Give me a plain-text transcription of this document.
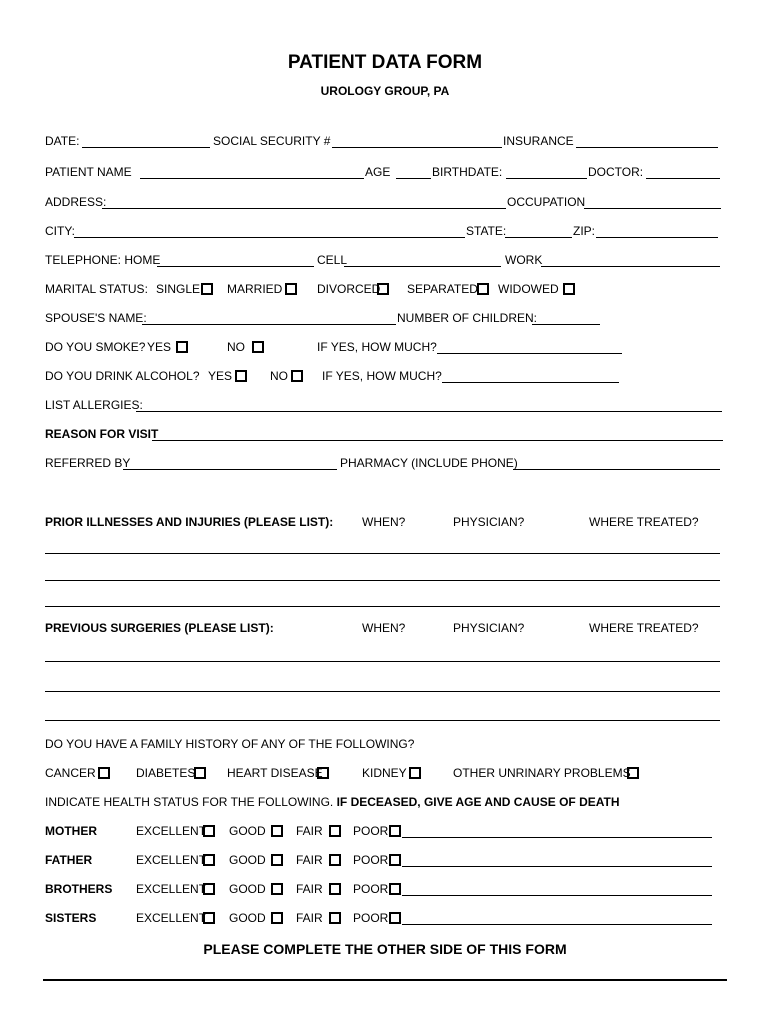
PATIENT DATA FORM
UROLOGY GROUP, PA
DATE:	SOCIAL SECURITY #	INSURANCE
PATIENT NAME	AGE	BIRTHDATE:	DOCTOR:
ADDRESS:	OCCUPATION
CITY:	STATE:	ZIP:
TELEPHONE: HOME	CELL	WORK
MARITAL STATUS: SINGLE MARRIED	DIVORCED SEPARATED WIDOWED
SPOUSE'S NAME:	NUMBER OF CHILDREN:
DO YOU SMOKE? YES	NO	IF YES, HOW MUCH?
DO YOU DRINK ALCOHOL? YES	NO	IF YES, HOW MUCH?
LIST ALLERGIES:
REASON FOR VISIT
REFERRED BY	PHARMACY (INCLUDE PHONE)
PRIOR ILLNESSES AND INJURIES (PLEASE LIST): WHEN?	PHYSICIAN?	WHERE TREATED?
PREVIOUS SURGERIES (PLEASE LIST):	WHEN?	PHYSICIAN?	WHERE TREATED?
DO YOU HAVE A FAMILY HISTORY OF ANY OF THE FOLLOWING?
CANCER	DIABETES	HEART DISEASE	KIDNEY	OTHER UNRINARY PROBLEMS
INDICATE HEALTH STATUS FOR THE FOLLOWING. IF DECEASED, GIVE AGE AND CAUSE OF DEATH
MOTHER	EXCELLENT GOOD	FAIR	POOR
FATHER	EXCELLENT GOOD	FAIR	POOR
BROTHERS EXCELLENT GOOD	FAIR	POOR
SISTERS	EXCELLENT GOOD	FAIR	POOR
PLEASE COMPLETE THE OTHER SIDE OF THIS FORM
